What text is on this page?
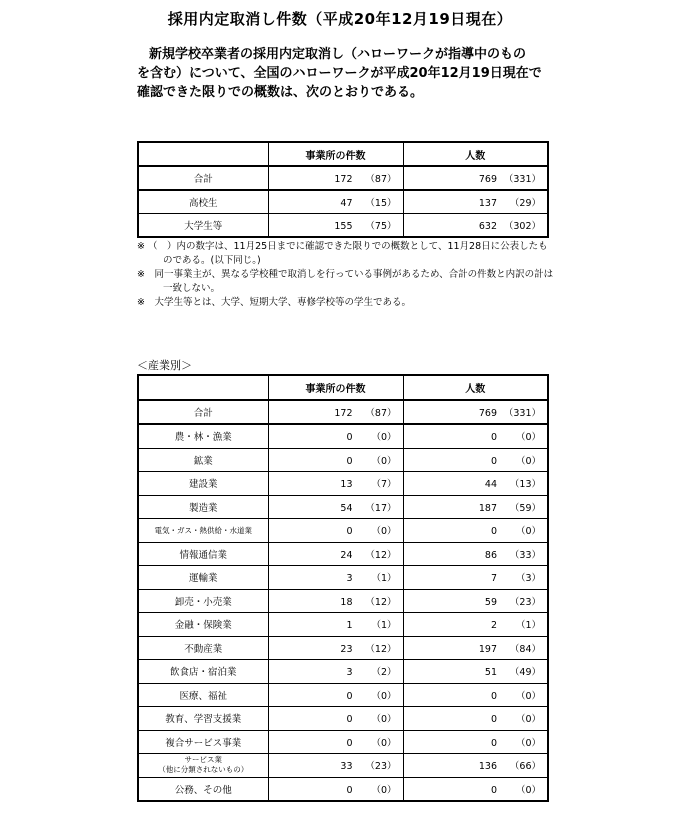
採用内定取消し件数（平成20年12月19日現在）

新規学校卒業者の採用内定取消し（ハローワークが指導中のもの

を含む）について、全国のハローワークが平成20年12月19日現在で

確認できた限りでの概数は、次のとおりである。

	事業所の件数	人数
合計	172 （87）	769 （331）
高校生	47 （15）	137 （29）
大学生等	155 （75）	632 （302）
※ （　）内の数字は、11月25日までに確認できた限りでの概数として、11月28日に公表したものである。(以下同じ。)
※　同一事業主が、異なる学校種で取消しを行っている事例があるため、合計の件数と内訳の計は一致しない。
※　大学生等とは、大学、短期大学、専修学校等の学生である。
＜産業別＞
	事業所の件数	人数
合計	172 （87）	769 （331）
農・林・漁業	0 （0）	0 （0）
鉱業	0 （0）	0 （0）
建設業	13 （7）	44 （13）
製造業	54 （17）	187 （59）
電気・ガス・熱供給・水道業	0 （0）	0 （0）
情報通信業	24 （12）	86 （33）
運輸業	3 （1）	7 （3）
卸売・小売業	18 （12）	59 （23）
金融・保険業	1 （1）	2 （1）
不動産業	23 （12）	197 （84）
飲食店・宿泊業	3 （2）	51 （49）
医療、福祉	0 （0）	0 （0）
教育、学習支援業	0 （0）	0 （0）
複合サービス事業	0 （0）	0 （0）
サービス業
（他に分類されないもの）	33 （23）	136 （66）
公務、その他	0 （0）	0 （0）
